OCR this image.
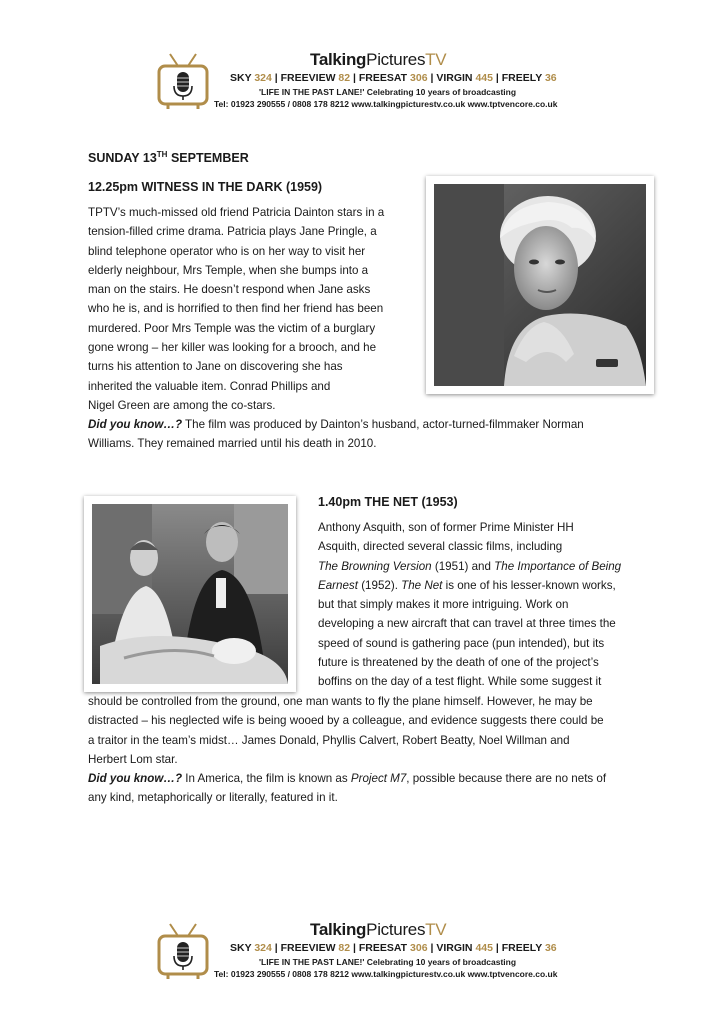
TalkingPicturesTV
SKY 324 | FREEVIEW 82 | FREESAT 306 | VIRGIN 445 | FREELY 36
'LIFE IN THE PAST LANE!' Celebrating 10 years of broadcasting
Tel: 01923 290555 / 0808 178 8212 www.talkingpicturestv.co.uk www.tptvencore.co.uk
SUNDAY 13TH SEPTEMBER
12.25pm WITNESS IN THE DARK (1959)

TPTV’s much-missed old friend Patricia Dainton stars in a

tension-filled crime drama. Patricia plays Jane Pringle, a

blind telephone operator who is on her way to visit her

elderly neighbour, Mrs Temple, when she bumps into a

man on the stairs. He doesn’t respond when Jane asks

who he is, and is horrified to then find her friend has been

murdered. Poor Mrs Temple was the victim of a burglary

gone wrong – her killer was looking for a brooch, and he

turns his attention to Jane on discovering she has

inherited the valuable item. Conrad Phillips and

Nigel Green are among the co-stars.

Did you know…? The film was produced by Dainton’s husband, actor-turned-filmmaker Norman

Williams. They remained married until his death in 2010.

1.40pm THE NET (1953)

Anthony Asquith, son of former Prime Minister HH

Asquith, directed several classic films, including

The Browning Version (1951) and The Importance of Being

Earnest (1952). The Net is one of his lesser-known works,

but that simply makes it more intriguing. Work on

developing a new aircraft that can travel at three times the

speed of sound is gathering pace (pun intended), but its

future is threatened by the death of one of the project’s

boffins on the day of a test flight. While some suggest it

should be controlled from the ground, one man wants to fly the plane himself. However, he may be

distracted – his neglected wife is being wooed by a colleague, and evidence suggests there could be

a traitor in the team’s midst… James Donald, Phyllis Calvert, Robert Beatty, Noel Willman and

Herbert Lom star.

Did you know…? In America, the film is known as Project M7, possible because there are no nets of

any kind, metaphorically or literally, featured in it.

TalkingPicturesTV
SKY 324 | FREEVIEW 82 | FREESAT 306 | VIRGIN 445 | FREELY 36
'LIFE IN THE PAST LANE!' Celebrating 10 years of broadcasting
Tel: 01923 290555 / 0808 178 8212 www.talkingpicturestv.co.uk www.tptvencore.co.uk
